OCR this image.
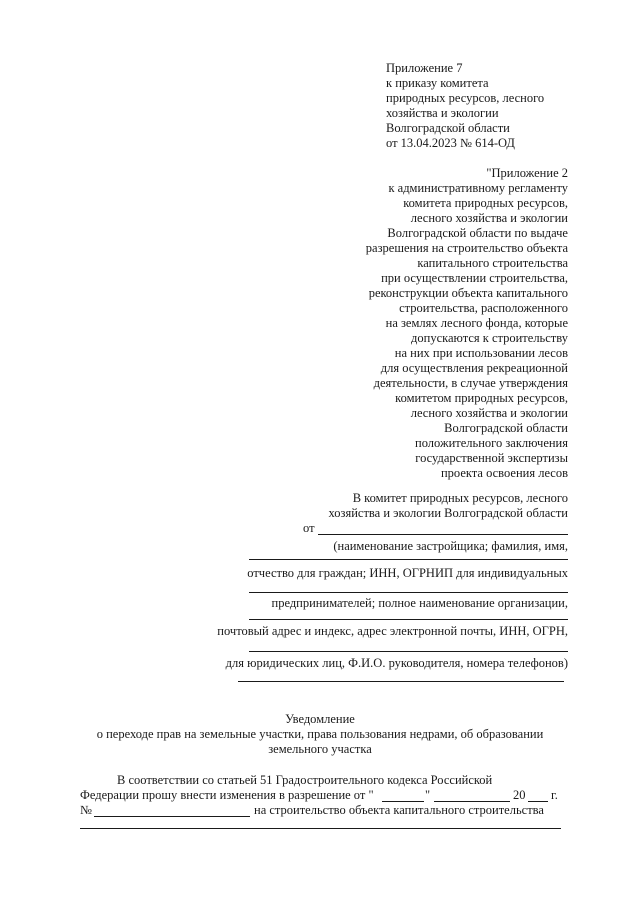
Приложение 7
к приказу комитета
природных ресурсов, лесного
хозяйства и экологии
Волгоградской области
от 13.04.2023 № 614-ОД
"Приложение 2
к административному регламенту
комитета природных ресурсов,
лесного хозяйства и экологии
Волгоградской области по выдаче
разрешения на строительство объекта
капитального строительства
при осуществлении строительства,
реконструкции объекта капитального
строительства, расположенного
на землях лесного фонда, которые
допускаются к строительству
на них при использовании лесов
для осуществления рекреационной
деятельности, в случае утверждения
комитетом природных ресурсов,
лесного хозяйства и экологии
Волгоградской области
положительного заключения
государственной экспертизы
проекта освоения лесов
В комитет природных ресурсов, лесного
хозяйства и экологии Волгоградской области
от
(наименование застройщика; фамилия, имя,
отчество для граждан; ИНН, ОГРНИП для индивидуальных
предпринимателей; полное наименование организации,
почтовый адрес и индекс, адрес электронной почты, ИНН, ОГРН,
для юридических лиц, Ф.И.О. руководителя, номера телефонов)
Уведомление
о переходе прав на земельные участки, права пользования недрами, об образовании
земельного участка
В соответствии со статьей 51 Градостроительного кодекса Российской
Федерации прошу внести изменения в разрешение от "	"	20 г.
№	на строительство объекта капитального строительства
